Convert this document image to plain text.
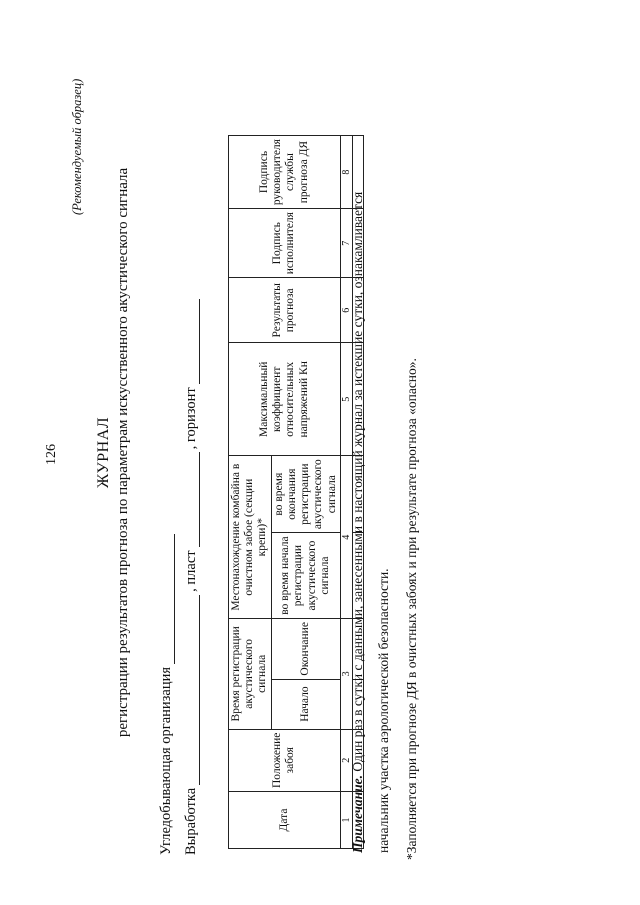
126
(Рекомендуемый образец)
ЖУРНАЛ регистрации результатов прогноза по параметрам искусственного акустического сигнала
Угледобывающая организация Выработка
, пласт
, горизонт
Дата	Положение забоя	Время регистрации акустического сигнала		Местонахождение комбайна в очистном забое (секции крепи)*		Максимальный коэффициент относительных напряжений Кн	Результаты прогноза	Подпись исполнителя	Подпись руководителя службы прогноза ДЯ
		Начало	Окончание	во время начала регистрации акустического сигнала	во время окончания регистрации акустического сигнала				
1	2	3		4		5	6	7	8

Примечание. Один раз в сутки с данными, занесенными в настоящий журнал за истекшие сутки, ознакамливается начальник участка аэрологической безопасности. *Заполняется при прогнозе ДЯ в очистных забоях и при результате прогноза «опасно».
